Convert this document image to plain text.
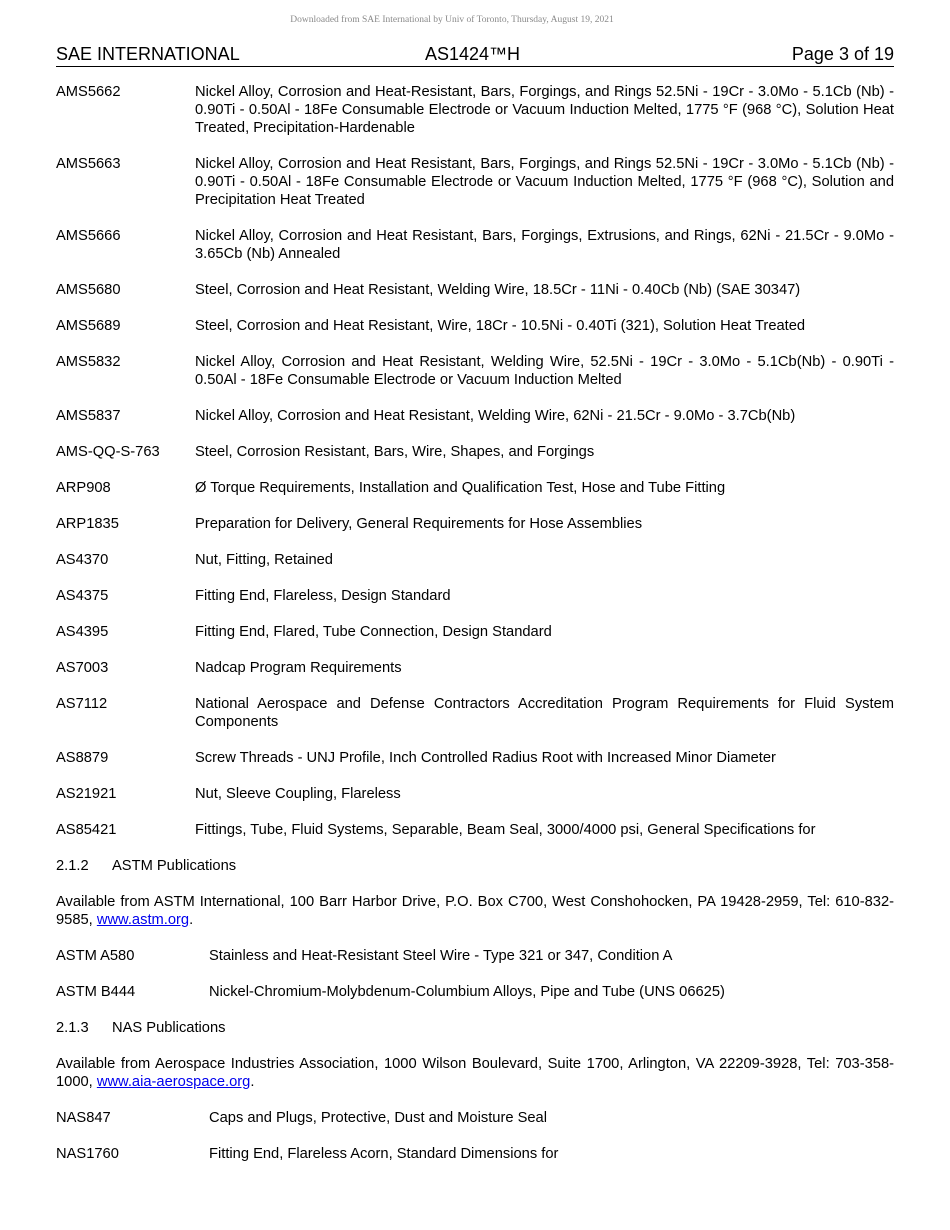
Downloaded from SAE International by Univ of Toronto, Thursday, August 19, 2021
SAE INTERNATIONAL	AS1424™H	Page 3 of 19
AMS5662	Nickel Alloy, Corrosion and Heat-Resistant, Bars, Forgings, and Rings 52.5Ni - 19Cr - 3.0Mo - 5.1Cb (Nb) - 0.90Ti - 0.50Al - 18Fe Consumable Electrode or Vacuum Induction Melted, 1775 °F (968 °C), Solution Heat Treated, Precipitation-Hardenable
AMS5663	Nickel Alloy, Corrosion and Heat Resistant, Bars, Forgings, and Rings 52.5Ni - 19Cr - 3.0Mo - 5.1Cb (Nb) - 0.90Ti - 0.50Al - 18Fe Consumable Electrode or Vacuum Induction Melted, 1775 °F (968 °C), Solution and Precipitation Heat Treated
AMS5666	Nickel Alloy, Corrosion and Heat Resistant, Bars, Forgings, Extrusions, and Rings, 62Ni - 21.5Cr - 9.0Mo - 3.65Cb (Nb) Annealed
AMS5680	Steel, Corrosion and Heat Resistant, Welding Wire, 18.5Cr - 11Ni - 0.40Cb (Nb) (SAE 30347)
AMS5689	Steel, Corrosion and Heat Resistant, Wire, 18Cr - 10.5Ni - 0.40Ti (321), Solution Heat Treated
AMS5832	Nickel Alloy, Corrosion and Heat Resistant, Welding Wire, 52.5Ni - 19Cr - 3.0Mo - 5.1Cb(Nb) - 0.90Ti - 0.50Al - 18Fe Consumable Electrode or Vacuum Induction Melted
AMS5837	Nickel Alloy, Corrosion and Heat Resistant, Welding Wire, 62Ni - 21.5Cr - 9.0Mo - 3.7Cb(Nb)
AMS-QQ-S-763	Steel, Corrosion Resistant, Bars, Wire, Shapes, and Forgings
ARP908	Ø Torque Requirements, Installation and Qualification Test, Hose and Tube Fitting
ARP1835	Preparation for Delivery, General Requirements for Hose Assemblies
AS4370	Nut, Fitting, Retained
AS4375	Fitting End, Flareless, Design Standard
AS4395	Fitting End, Flared, Tube Connection, Design Standard
AS7003	Nadcap Program Requirements
AS7112	National Aerospace and Defense Contractors Accreditation Program Requirements for Fluid System Components
AS8879	Screw Threads - UNJ Profile, Inch Controlled Radius Root with Increased Minor Diameter
AS21921	Nut, Sleeve Coupling, Flareless
AS85421	Fittings, Tube, Fluid Systems, Separable, Beam Seal, 3000/4000 psi, General Specifications for
2.1.2	ASTM Publications
Available from ASTM International, 100 Barr Harbor Drive, P.O. Box C700, West Conshohocken, PA 19428-2959, Tel: 610-832-9585, www.astm.org.
ASTM A580	Stainless and Heat-Resistant Steel Wire - Type 321 or 347, Condition A
ASTM B444	Nickel-Chromium-Molybdenum-Columbium Alloys, Pipe and Tube (UNS 06625)
2.1.3	NAS Publications
Available from Aerospace Industries Association, 1000 Wilson Boulevard, Suite 1700, Arlington, VA 22209-3928, Tel: 703-358-1000, www.aia-aerospace.org.
NAS847	Caps and Plugs, Protective, Dust and Moisture Seal
NAS1760	Fitting End, Flareless Acorn, Standard Dimensions for
